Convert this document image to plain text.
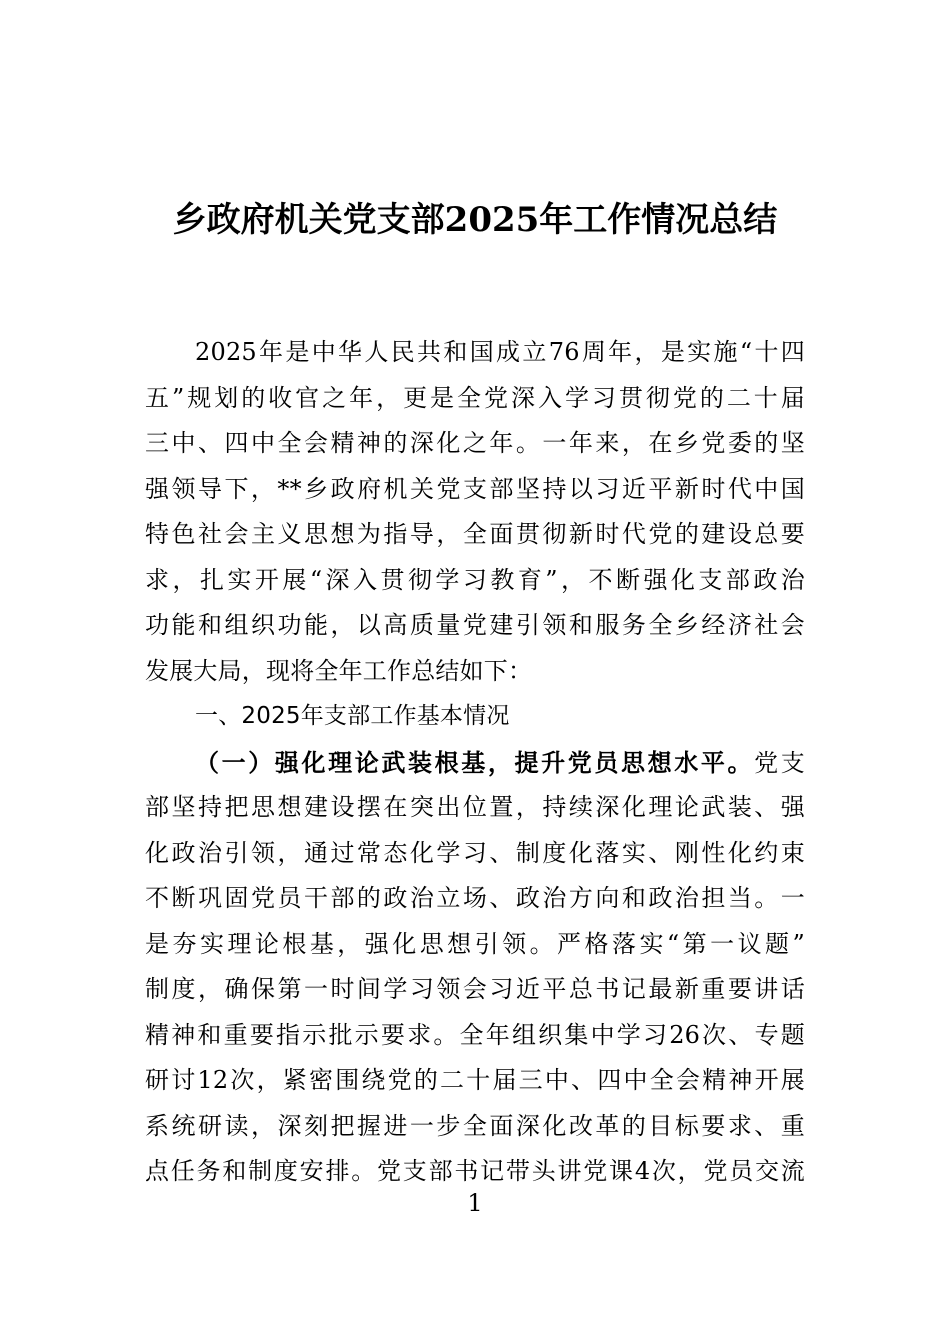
乡政府机关党支部2025年工作情况总结
2025年是中华人民共和国成立76周年，是实施“十四
五”规划的收官之年，更是全党深入学习贯彻党的二十届
三中、四中全会精神的深化之年。一年来，在乡党委的坚
强领导下，**乡政府机关党支部坚持以习近平新时代中国
特色社会主义思想为指导，全面贯彻新时代党的建设总要
求，扎实开展“深入贯彻学习教育”，不断强化支部政治
功能和组织功能，以高质量党建引领和服务全乡经济社会
发展大局，现将全年工作总结如下：
一、2025年支部工作基本情况
（一）强化理论武装根基，提升党员思想水平。党支
部坚持把思想建设摆在突出位置，持续深化理论武装、强
化政治引领，通过常态化学习、制度化落实、刚性化约束
不断巩固党员干部的政治立场、政治方向和政治担当。一
是夯实理论根基，强化思想引领。严格落实“第一议题”
制度，确保第一时间学习领会习近平总书记最新重要讲话
精神和重要指示批示要求。全年组织集中学习26次、专题
研讨12次，紧密围绕党的二十届三中、四中全会精神开展
系统研读，深刻把握进一步全面深化改革的目标要求、重
点任务和制度安排。党支部书记带头讲党课4次，党员交流
1
